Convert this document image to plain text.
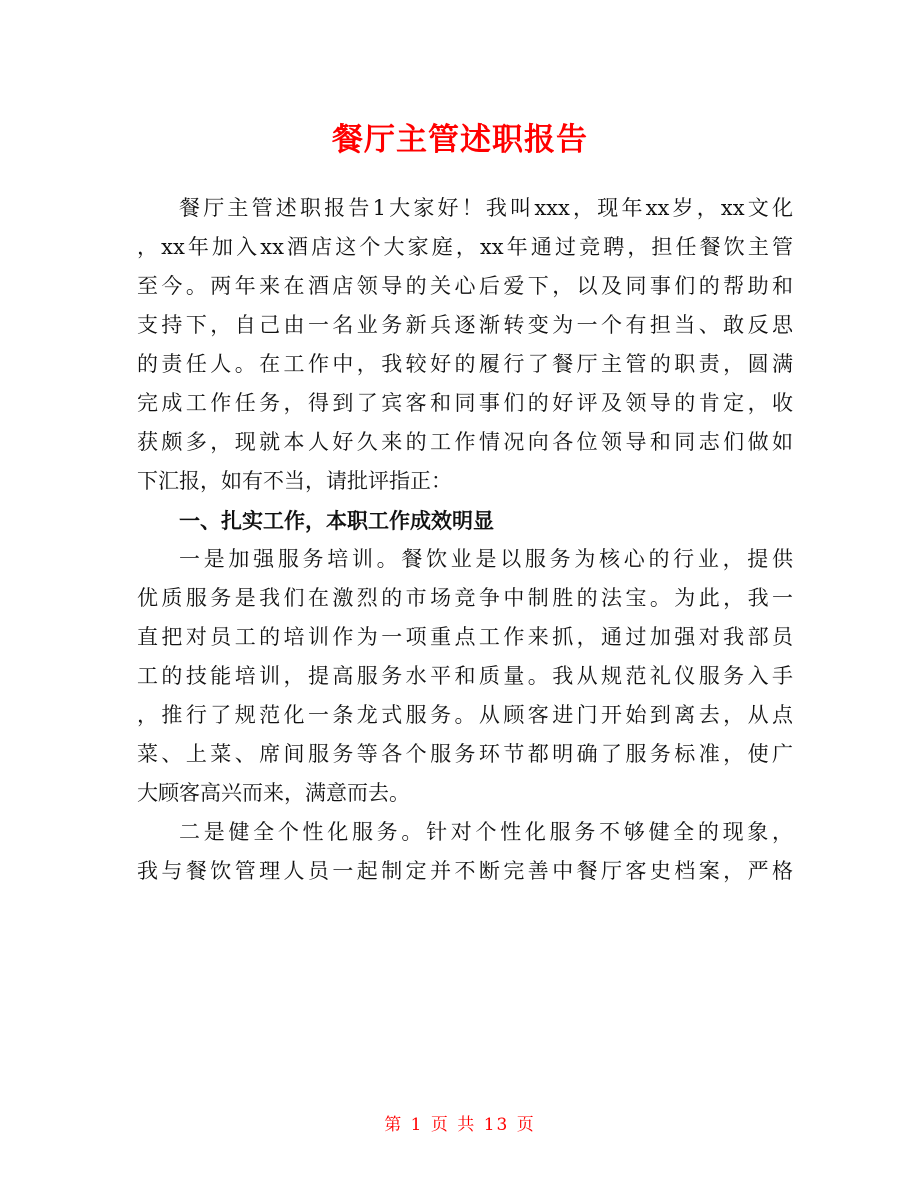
餐厅主管述职报告
餐厅主管述职报告1大家好！我叫xxx，现年xx岁，xx文化
，xx年加入xx酒店这个大家庭，xx年通过竞聘，担任餐饮主管
至今。两年来在酒店领导的关心后爱下，以及同事们的帮助和
支持下，自己由一名业务新兵逐渐转变为一个有担当、敢反思
的责任人。在工作中，我较好的履行了餐厅主管的职责，圆满
完成工作任务，得到了宾客和同事们的好评及领导的肯定，收
获颇多，现就本人好久来的工作情况向各位领导和同志们做如
下汇报，如有不当，请批评指正：
一、扎实工作，本职工作成效明显
一是加强服务培训。餐饮业是以服务为核心的行业，提供
优质服务是我们在激烈的市场竞争中制胜的法宝。为此，我一
直把对员工的培训作为一项重点工作来抓，通过加强对我部员
工的技能培训，提高服务水平和质量。我从规范礼仪服务入手
，推行了规范化一条龙式服务。从顾客进门开始到离去，从点
菜、上菜、席间服务等各个服务环节都明确了服务标准，使广
大顾客高兴而来，满意而去。
二是健全个性化服务。针对个性化服务不够健全的现象，
我与餐饮管理人员一起制定并不断完善中餐厅客史档案，严格
第 1 页 共 13 页
